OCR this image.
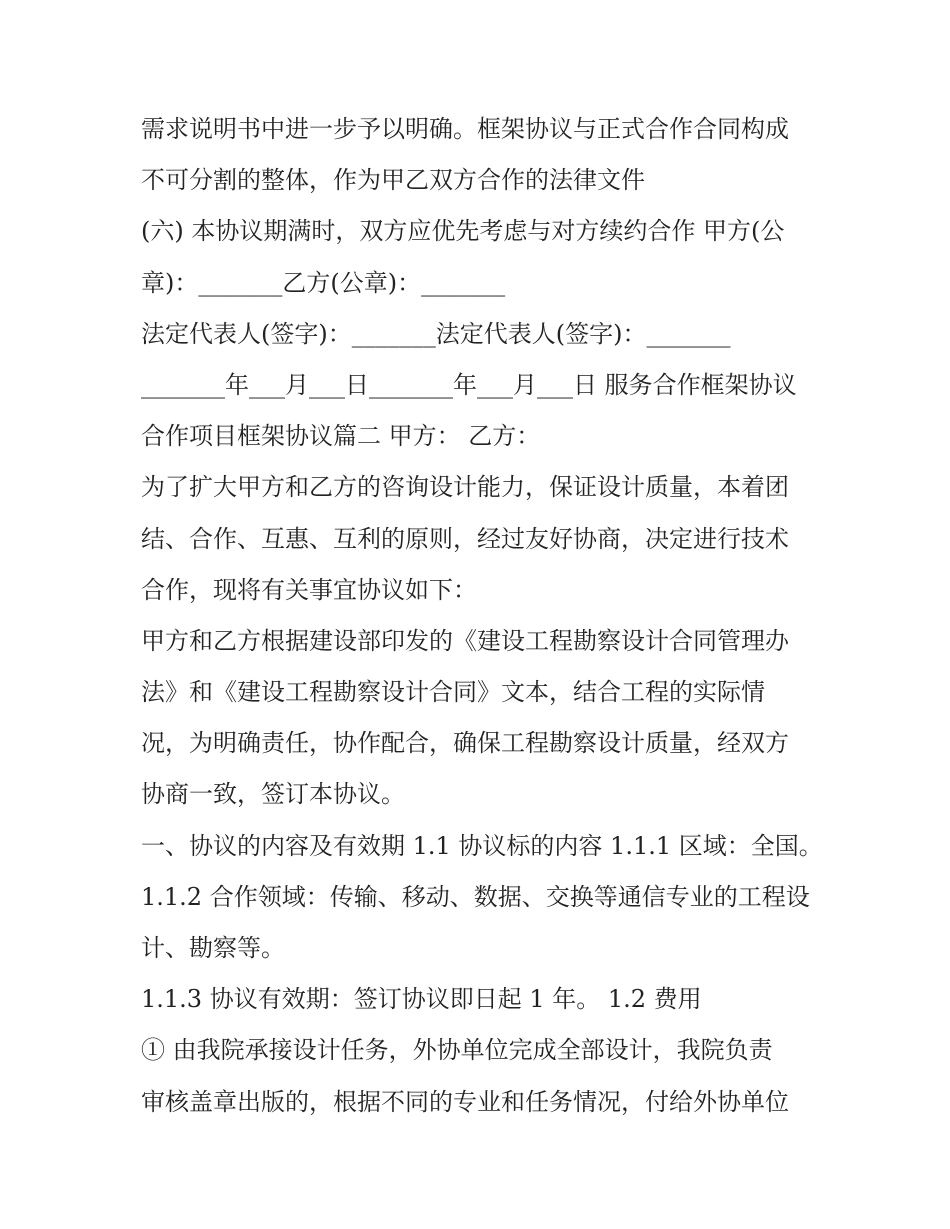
需求说明书中进一步予以明确。框架协议与正式合作合同构成
不可分割的整体，作为甲乙双方合作的法律文件
(六) 本协议期满时，双方应优先考虑与对方续约合作 甲方(公
章)：_______乙方(公章)：_______
法定代表人(签字)：_______法定代表人(签字)：_______
_______年___月___日_______年___月___日 服务合作框架协议
合作项目框架协议篇二 甲方： 乙方：
为了扩大甲方和乙方的咨询设计能力，保证设计质量，本着团
结、合作、互惠、互利的原则，经过友好协商，决定进行技术
合作，现将有关事宜协议如下：
甲方和乙方根据建设部印发的《建设工程勘察设计合同管理办
法》和《建设工程勘察设计合同》文本，结合工程的实际情
况，为明确责任，协作配合，确保工程勘察设计质量，经双方
协商一致，签订本协议。
一、协议的内容及有效期 1.1 协议标的内容 1.1.1 区域：全国。
1.1.2 合作领域：传输、移动、数据、交换等通信专业的工程设
计、勘察等。
1.1.3 协议有效期：签订协议即日起 1 年。 1.2 费用
① 由我院承接设计任务，外协单位完成全部设计，我院负责
审核盖章出版的，根据不同的专业和任务情况，付给外协单位
